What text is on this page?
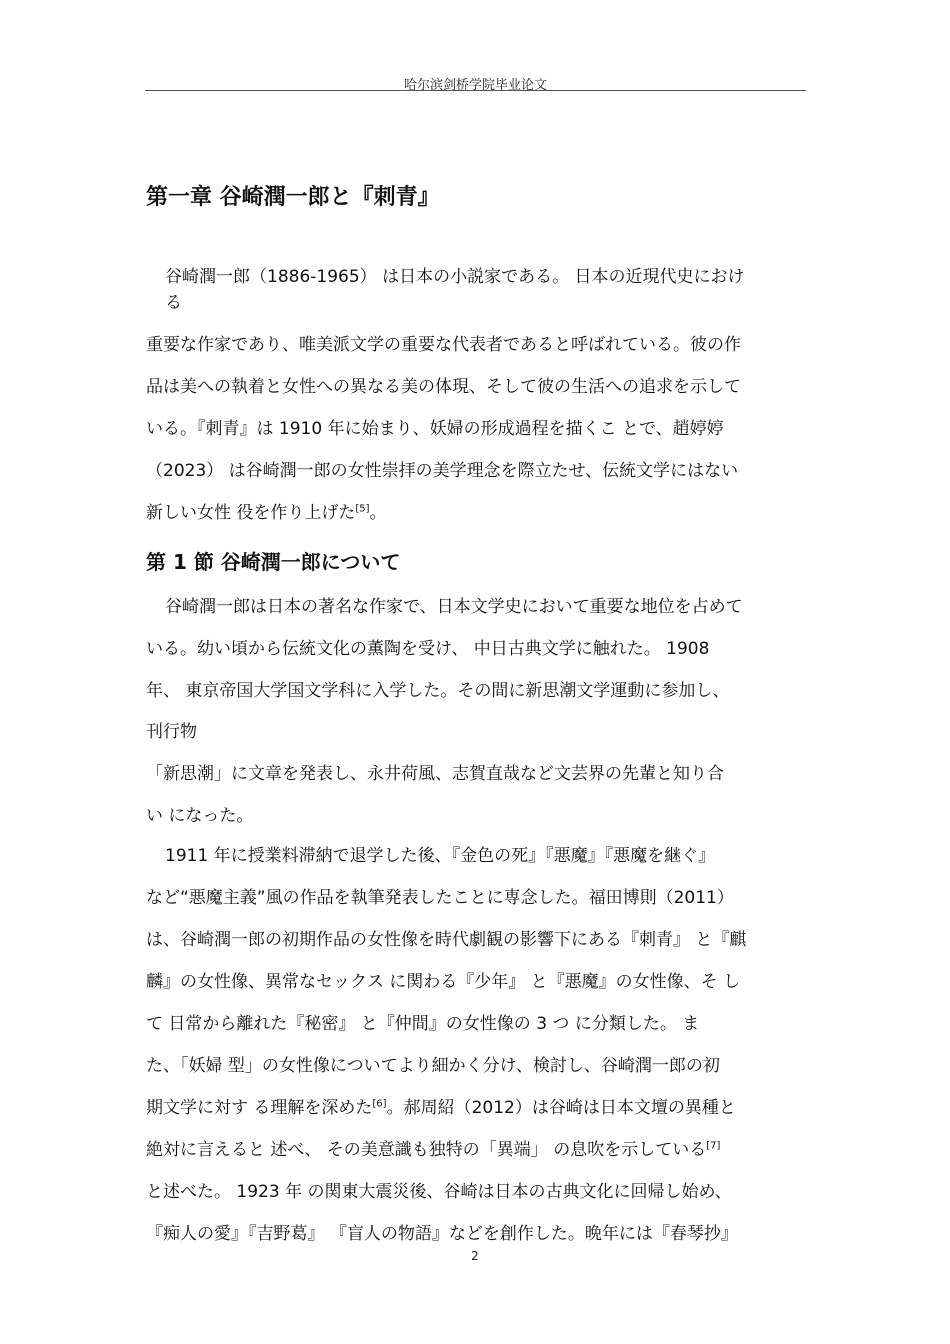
哈尔滨剑桥学院毕业论文
第一章 谷崎潤一郎と『刺青』
谷崎潤一郎（1886-1965） は日本の小説家である。 日本の近現代史におけ
る
重要な作家であり、唯美派文学の重要な代表者であると呼ばれている。彼の作
品は美への執着と女性への異なる美の体現、そして彼の生活への追求を示して
いる。『刺青』は 1910 年に始まり、妖婦の形成過程を描くこ とで、趙婷婷
（2023） は谷崎潤一郎の女性崇拝の美学理念を際立たせ、伝統文学にはない
新しい女性 役を作り上げた[5]。
第 1 節 谷崎潤一郎について
谷崎潤一郎は日本の著名な作家で、日本文学史において重要な地位を占めて
いる。幼い頃から伝統文化の薫陶を受け、 中日古典文学に触れた。 1908
年、 東京帝国大学国文学科に入学した。その間に新思潮文学運動に参加し、
刊行物
「新思潮」に文章を発表し、永井荷風、志賀直哉など文芸界の先輩と知り合
い になった。
1911 年に授業料滞納で退学した後、『金色の死』『悪魔』『悪魔を継ぐ』
など“悪魔主義”風の作品を執筆発表したことに専念した。福田博則（2011）
は、谷崎潤一郎の初期作品の女性像を時代劇観の影響下にある『刺青』 と『麒
麟』の女性像、異常なセックス に関わる『少年』 と『悪魔』の女性像、そ し
て 日常から離れた『秘密』 と『仲間』の女性像の 3 つ に分類した。 ま
た、「妖婦 型」の女性像についてより細かく分け、検討し、谷崎潤一郎の初
期文学に対す る理解を深めた[6]。郝周紹（2012）は谷崎は日本文壇の異種と
絶対に言えると 述べ、 その美意識も独特の「異端」 の息吹を示している[7]
と述べた。 1923 年 の関東大震災後、谷崎は日本の古典文化に回帰し始め、
『痴人の愛』『吉野葛』 『盲人の物語』などを創作した。晩年には『春琴抄』
2
